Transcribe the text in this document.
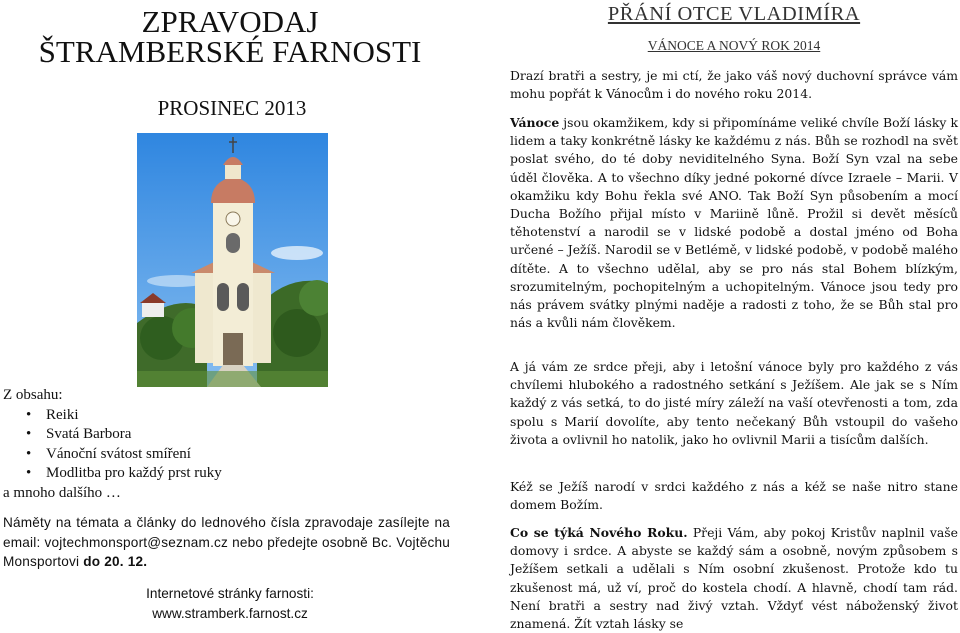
ZPRAVODAJ
ŠTRAMBERSKÉ FARNOSTI
PROSINEC 2013
Z obsahu:
• Reiki
• Svatá Barbora
• Vánoční svátost smíření
• Modlitba pro každý prst ruky
a mnoho dalšího …
Náměty na témata a články do lednového čísla zpravodaje zasílejte na email: vojtechmonsport@seznam.cz nebo předejte osobně Bc. Vojtěchu Monsportovi do 20. 12.
Internetové stránky farnosti:
www.stramberk.farnost.cz
PŘÁNÍ OTCE VLADIMÍRA
VÁNOCE A NOVÝ ROK 2014
Drazí bratři a sestry, je mi ctí, že jako váš nový duchovní správce vám mohu popřát k Vánocům i do nového roku 2014.
Vánoce jsou okamžikem, kdy si připomínáme veliké chvíle Boží lásky k lidem a taky konkrétně lásky ke každému z nás. Bůh se rozhodl na svět poslat svého, do té doby neviditelného Syna. Boží Syn vzal na sebe úděl člověka. A to všechno díky jedné pokorné dívce Izraele – Marii. V okamžiku kdy Bohu řekla své ANO. Tak Boží Syn působením a mocí Ducha Božího přijal místo v Mariině lůně. Prožil si devět měsíců těhotenství a narodil se v lidské podobě a dostal jméno od Boha určené – Ježíš. Narodil se v Betlémě, v lidské podobě, v podobě malého dítěte. A to všechno udělal, aby se pro nás stal Bohem blízkým, srozumitelným, pochopitelným a uchopitelným. Vánoce jsou tedy pro nás právem svátky plnými naděje a radosti z toho, že se Bůh stal pro nás a kvůli nám člověkem.
A já vám ze srdce přeji, aby i letošní vánoce byly pro každého z vás chvílemi hlubokého a radostného setkání s Ježíšem. Ale jak se s Ním každý z vás setká, to do jisté míry záleží na vaší otevřenosti a tom, zda spolu s Marií dovolíte, aby tento nečekaný Bůh vstoupil do vašeho života a ovlivnil ho natolik, jako ho ovlivnil Marii a tisícům dalších.
Kéž se Ježíš narodí v srdci každého z nás a kéž se naše nitro stane domem Božím.
Co se týká Nového Roku. Přeji Vám, aby pokoj Kristův naplnil vaše domovy i srdce. A abyste se každý sám a osobně, novým způsobem s Ježíšem setkali a udělali s Ním osobní zkušenost. Protože kdo tu zkušenost má, už ví, proč do kostela chodí. A hlavně, chodí tam rád. Není bratři a sestry nad živý vztah. Vždyť vést náboženský život znamená. Žít vztah lásky se
